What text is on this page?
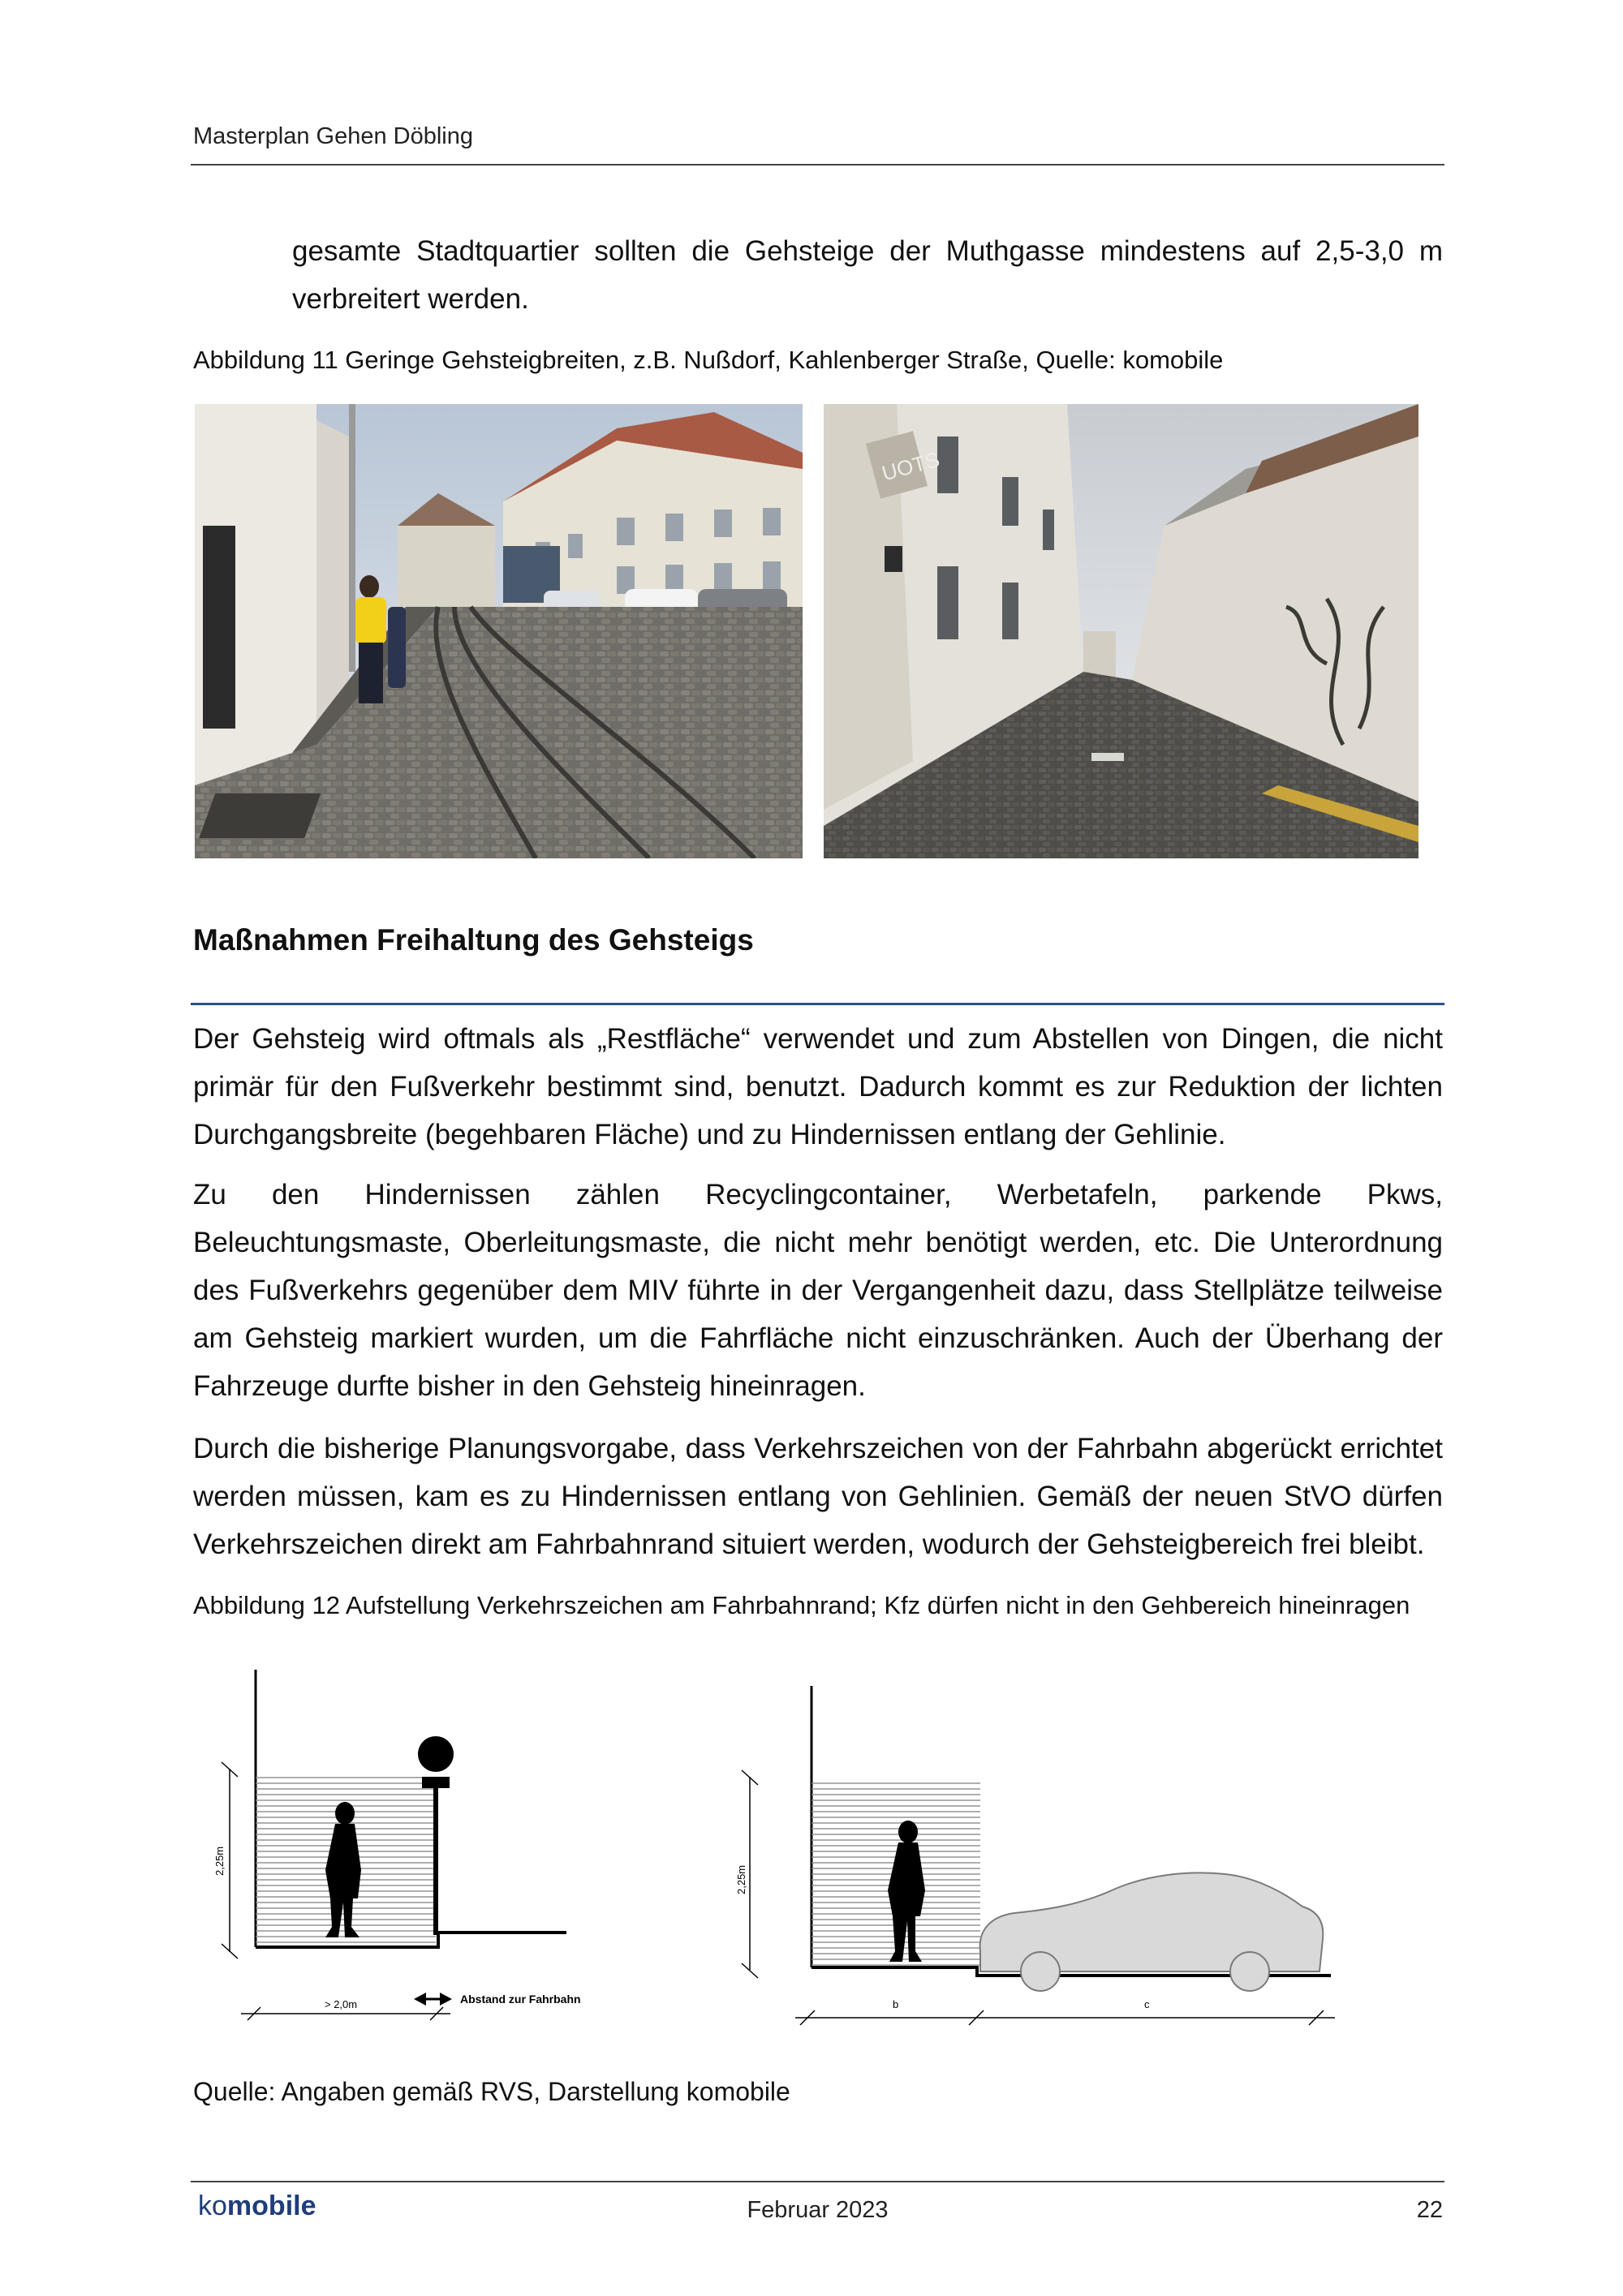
Masterplan Gehen Döbling
gesamte Stadtquartier sollten die Gehsteige der Muthgasse mindestens auf 2,5-3,0 m verbreitert werden.
Abbildung 11 Geringe Gehsteigbreiten, z.B. Nußdorf, Kahlenberger Straße, Quelle: komobile
UOTS
Maßnahmen Freihaltung des Gehsteigs
Der Gehsteig wird oftmals als „Restfläche“ verwendet und zum Abstellen von Dingen, die nicht primär für den Fußverkehr bestimmt sind, benutzt. Dadurch kommt es zur Reduktion der lichten Durchgangsbreite (begehbaren Fläche) und zu Hindernissen entlang der Gehlinie.
Zu den Hindernissen zählen Recyclingcontainer, Werbetafeln, parkende Pkws, Beleuchtungsmaste, Oberleitungsmaste, die nicht mehr benötigt werden, etc. Die Unterordnung des Fußverkehrs gegenüber dem MIV führte in der Vergangenheit dazu, dass Stellplätze teilweise am Gehsteig markiert wurden, um die Fahrfläche nicht einzuschränken. Auch der Überhang der Fahrzeuge durfte bisher in den Gehsteig hineinragen.
Durch die bisherige Planungsvorgabe, dass Verkehrszeichen von der Fahrbahn abgerückt errichtet werden müssen, kam es zu Hindernissen entlang von Gehlinien. Gemäß der neuen StVO dürfen Verkehrszeichen direkt am Fahrbahnrand situiert werden, wodurch der Gehsteigbereich frei bleibt.
Abbildung 12 Aufstellung Verkehrszeichen am Fahrbahnrand; Kfz dürfen nicht in den Gehbereich hineinragen
2,25m
> 2,0m	Abstand zur Fahrbahn
2,25m
b	c
Quelle: Angaben gemäß RVS, Darstellung komobile
komobile	Februar 2023	22
